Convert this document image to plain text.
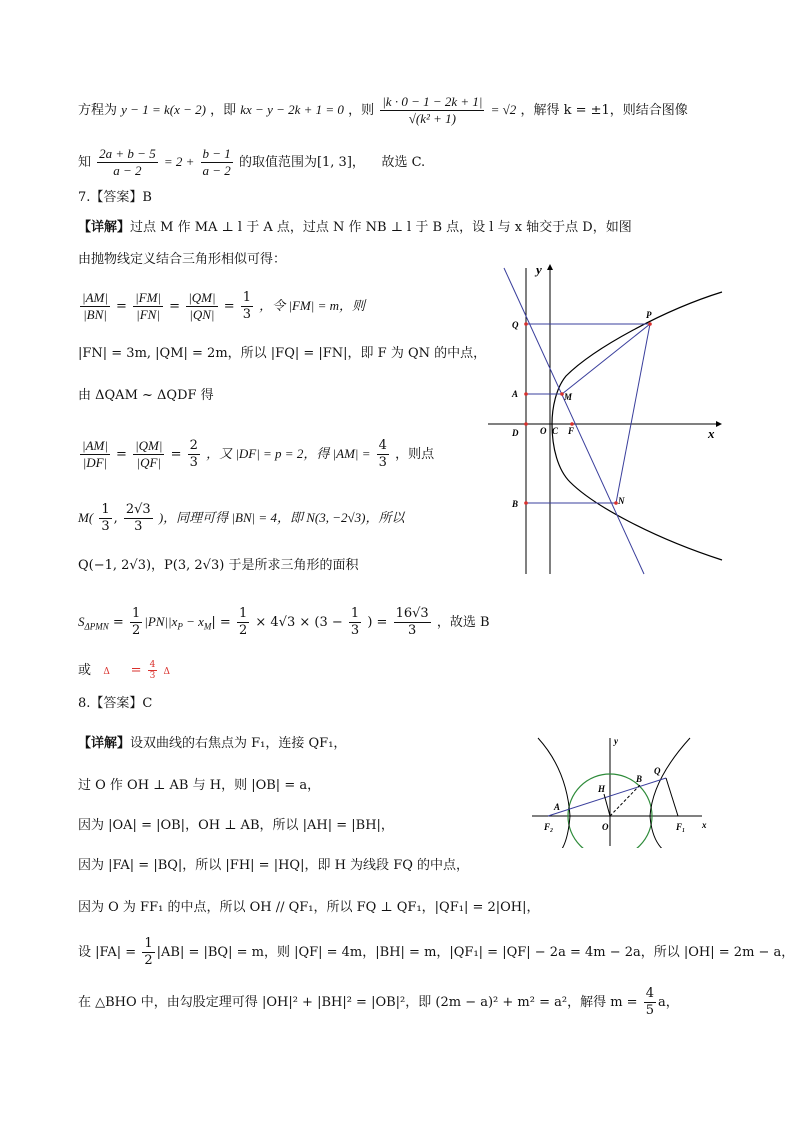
方程为 y − 1 = k(x − 2) ，即 kx − y − 2k + 1 = 0 ，则 $\frac{|k \cdot 0 - 1 - 2k + 1|}{\text{√(k² + 1)}} = √2$ ，解得 k = ±1，则结合图像
知 $\frac{2a + b - 5}{a - 2} = 2 + \frac{b - 1}{a - 2}$ 的取值范围为[1, 3]， 故选 C.
7.【答案】B
【详解】过点 M 作 MA ⊥ l 于 A 点，过点 N 作 NB ⊥ l 于 B 点，设 l 与 x 轴交于点 D，如图
由抛物线定义结合三角形相似可得：
$\frac{|AM|}{|BN|} = \frac{|FM|}{|FN|} = \frac{|QM|}{|QN|} = \frac{1}{3}$ ，令 |FM| = m，则
|FN| = 3m, |QM| = 2m，所以 |FQ| = |FN|，即 F 为 QN 的中点，
由 ΔQAM ~ ΔQDF 得
$\frac{|AM|}{|DF|} = \frac{|QM|}{|QF|} = \frac{2}{3}$ ，又 |DF| = p = 2，得 $|AM| = \frac{4}{3}$ ，则点
$M( \frac{1}{3}$ , $\frac{2√3}{3}$ )，同理可得 |BN| = 4，即 N(3, −2√3)，所以
Q(−1, 2√3)，P(3, 2√3) 于是所求三角形的面积
$S_{\Delta PMN} = \frac{1}{2} |PN||x_P - x_M| = \frac{1}{2} \times 4√3 \times (3 - \frac{1}{3}$ ) = $\frac{16√3}{3}$ ，故选 B
或 $\Delta = \frac{4}{3}$ Δ
8.【答案】C
【详解】设双曲线的右焦点为 F₁，连接 QF₁，
过 O 作 OH ⊥ AB 与 H，则 |OB| = a，
因为 |OA| = |OB|，OH ⊥ AB，所以 |AH| = |BH|，
因为 |FA| = |BQ|，所以 |FH| = |HQ|，即 H 为线段 FQ 的中点，
因为 O 为 FF₁ 的中点，所以 OH // QF₁，所以 FQ ⊥ QF₁，|QF₁| = 2|OH|，
设 $|FA| = \frac{1}{2} |AB| = |BQ| = m$，则 |QF| = 4m，|BH| = m，|QF₁| = |QF| − 2a = 4m − 2a，所以 |OH| = 2m − a，
在 △BHO 中，由勾股定理可得 |OH|² + |BH|² = |OB|²，即 (2m − a)² + m² = a²，解得 $m = \frac{4}{5}$ a，
y
x
Q
P
A	M
D O C F
B	N
y
x
Q
B
H
A
F₂	O	F₁
